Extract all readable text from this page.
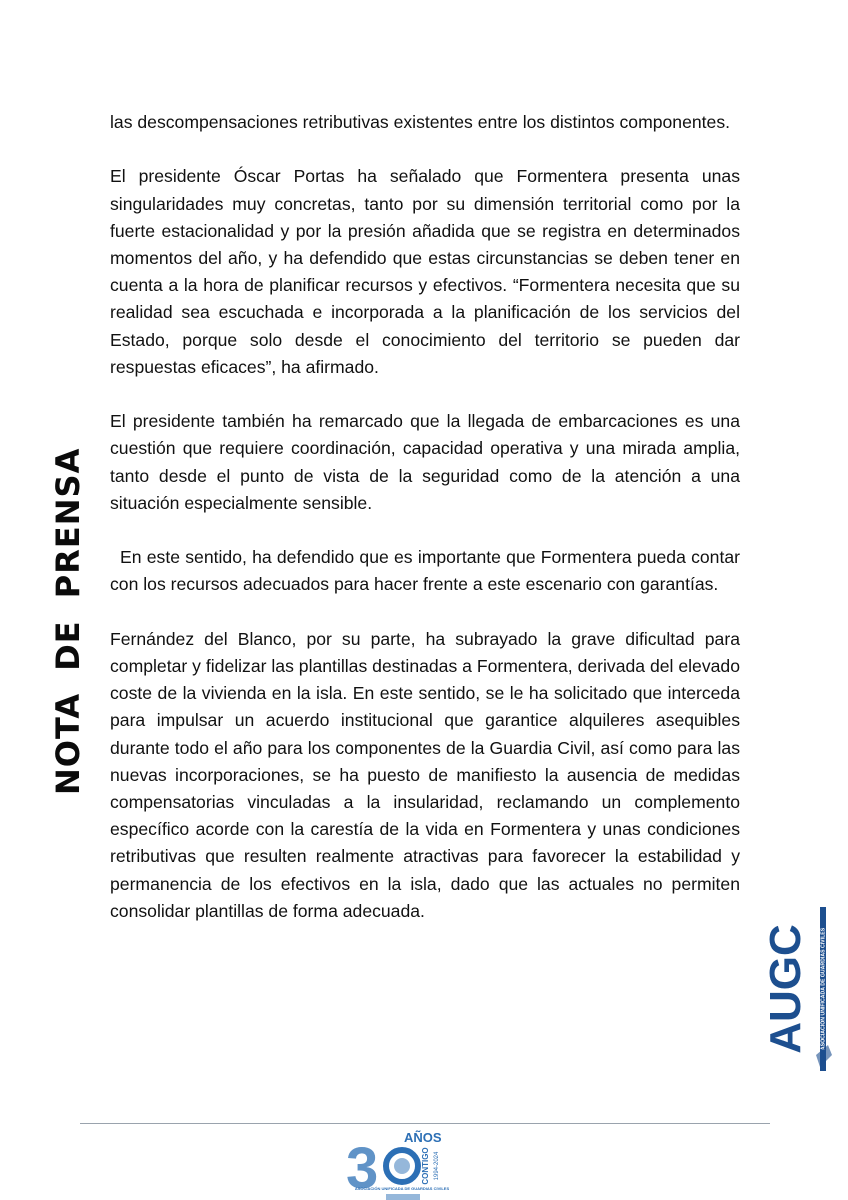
NOTA DE PRENSA

las descompensaciones retributivas existentes entre los distintos componentes.

El presidente Óscar Portas ha señalado que Formentera presenta unas singularidades muy concretas, tanto por su dimensión territorial como por la fuerte estacionalidad y por la presión añadida que se registra en determinados momentos del año, y ha defendido que estas circunstancias se deben tener en cuenta a la hora de planificar recursos y efectivos. “Formentera necesita que su realidad sea escuchada e incorporada a la planificación de los servicios del Estado, porque solo desde el conocimiento del territorio se pueden dar respuestas eficaces”, ha afirmado.

El presidente también ha remarcado que la llegada de embarcaciones es una cuestión que requiere coordinación, capacidad operativa y una mirada amplia, tanto desde el punto de vista de la seguridad como de la atención a una situación especialmente sensible.

En este sentido, ha defendido que es importante que Formentera pueda contar con los recursos adecuados para hacer frente a este escenario con garantías.

Fernández del Blanco, por su parte, ha subrayado la grave dificultad para completar y fidelizar las plantillas destinadas a Formentera, derivada del elevado coste de la vivienda en la isla. En este sentido, se le ha solicitado que interceda para impulsar un acuerdo institucional que garantice alquileres asequibles durante todo el año para los componentes de la Guardia Civil, así como para las nuevas incorporaciones, se ha puesto de manifiesto la ausencia de medidas compensatorias vinculadas a la insularidad, reclamando un complemento específico acorde con la carestía de la vida en Formentera y unas condiciones retributivas que resulten realmente atractivas para favorecer la estabilidad y permanencia de los efectivos en la isla, dado que las actuales no permiten consolidar plantillas de forma adecuada.

AUGC	ASOCIACIÓN UNIFICADA DE GUARDIAS CIVILES
3 AÑOS
CONTIGO 1994-2024
ASOCIACIÓN UNIFICADA DE GUARDIAS CIVILES
